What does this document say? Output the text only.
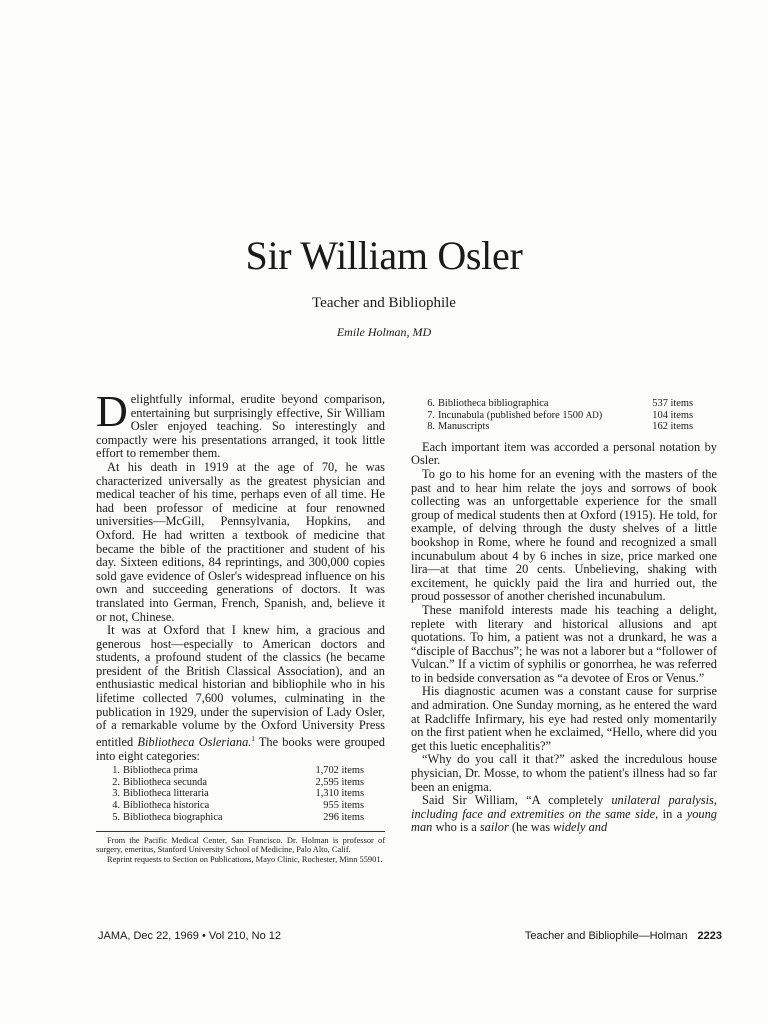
Sir William Osler
Teacher and Bibliophile
Emile Holman, MD

Delightfully informal, erudite beyond comparison, entertaining but surprisingly effective, Sir William Osler enjoyed teaching. So interestingly and compactly were his presentations arranged, it took little effort to remember them.

At his death in 1919 at the age of 70, he was characterized universally as the greatest physician and medical teacher of his time, perhaps even of all time. He had been professor of medicine at four renowned universities—McGill, Pennsylvania, Hopkins, and Oxford. He had written a textbook of medicine that became the bible of the practitioner and student of his day. Sixteen editions, 84 reprintings, and 300,000 copies sold gave evidence of Osler's widespread influence on his own and succeeding generations of doctors. It was translated into German, French, Spanish, and, believe it or not, Chinese.

It was at Oxford that I knew him, a gracious and generous host—especially to American doctors and students, a profound student of the classics (he became president of the British Classical Association), and an enthusiastic medical historian and bibliophile who in his lifetime collected 7,600 volumes, culminating in the publication in 1929, under the supervision of Lady Osler, of a remarkable volume by the Oxford University Press entitled Bibliotheca Osleriana.$^1$ The books were grouped into eight categories:

1. Bibliotheca prima	1,702 items
2. Bibliotheca secunda	2,595 items
3. Bibliotheca litteraria	1,310 items
4. Bibliotheca historica	955 items
5. Bibliotheca biographica	296 items

From the Pacific Medical Center, San Francisco. Dr. Holman is professor of surgery, emeritus, Stanford University School of Medicine, Palo Alto, Calif.

Reprint requests to Section on Publications, Mayo Clinic, Rochester, Minn 55901.

6. Bibliotheca bibliographica	537 items
7. Incunabula (published before 1500 AD)	104 items
8. Manuscripts	162 items

Each important item was accorded a personal notation by Osler.

To go to his home for an evening with the masters of the past and to hear him relate the joys and sorrows of book collecting was an unforgettable experience for the small group of medical students then at Oxford (1915). He told, for example, of delving through the dusty shelves of a little bookshop in Rome, where he found and recognized a small incunabulum about 4 by 6 inches in size, price marked one lira—at that time 20 cents. Unbelieving, shaking with excitement, he quickly paid the lira and hurried out, the proud possessor of another cherished incunabulum.

These manifold interests made his teaching a delight, replete with literary and historical allusions and apt quotations. To him, a patient was not a drunkard, he was a “disciple of Bacchus”; he was not a laborer but a “follower of Vulcan.” If a victim of syphilis or gonorrhea, he was referred to in bedside conversation as “a devotee of Eros or Venus.”

His diagnostic acumen was a constant cause for surprise and admiration. One Sunday morning, as he entered the ward at Radcliffe Infirmary, his eye had rested only momentarily on the first patient when he exclaimed, “Hello, where did you get this luetic encephalitis?”

“Why do you call it that?” asked the incredulous house physician, Dr. Mosse, to whom the patient's illness had so far been an enigma.

Said Sir William, “A completely unilateral paralysis, including face and extremities on the same side, in a young man who is a sailor (he was widely and

JAMA, Dec 22, 1969 • Vol 210, No 12	Teacher and Bibliophile—Holman 2223
